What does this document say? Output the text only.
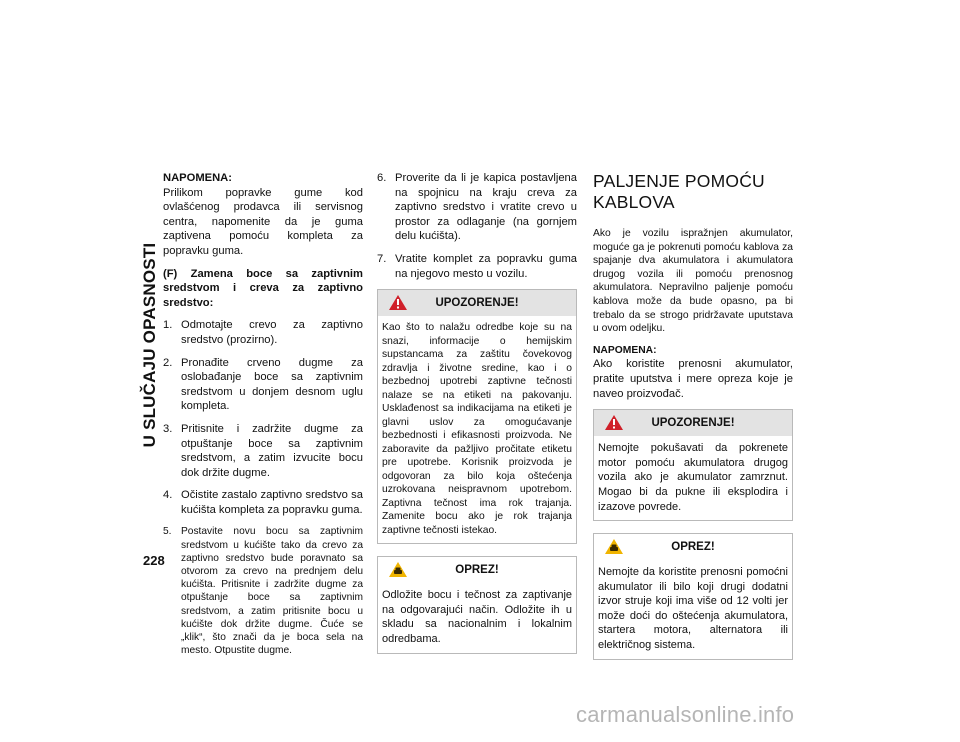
U SLUČAJU OPASNOSTI
228

NAPOMENA:

Prilikom popravke gume kod ovlašćenog prodavca ili servisnog centra, napomenite da je guma zaptivena pomoću kompleta za popravku guma.

(F) Zamena boce sa zaptivnim sredstvom i creva za zaptivno sredstvo:

1. Odmotajte crevo za zaptivno sredstvo (prozirno).
2. Pronađite crveno dugme za oslobađanje boce sa zaptivnim sredstvom u donjem desnom uglu kompleta.
3. Pritisnite i zadržite dugme za otpuštanje boce sa zaptivnim sredstvom, a zatim izvucite bocu dok držite dugme.
4. Očistite zastalo zaptivno sredstvo sa kućišta kompleta za popravku guma.
5. Postavite novu bocu sa zaptivnim sredstvom u kućište tako da crevo za zaptivno sredstvo bude poravnato sa otvorom za crevo na prednjem delu kućišta. Pritisnite i zadržite dugme za otpuštanje boce sa zaptivnim sredstvom, a zatim pritisnite bocu u kućište dok držite dugme. Čuće se „klik“, što znači da je boca sela na mesto. Otpustite dugme.
6. Proverite da li je kapica postavljena na spojnicu na kraju creva za zaptivno sredstvo i vratite crevo u prostor za odlaganje (na gornjem delu kućišta).
7. Vratite komplet za popravku guma na njegovo mesto u vozilu.
UPOZORENJE!
Kao što to nalažu odredbe koje su na snazi, informacije o hemijskim supstancama za zaštitu čovekovog zdravlja i životne sredine, kao i o bezbednoj upotrebi zaptivne tečnosti nalaze se na etiketi na pakovanju. Usklađenost sa indikacijama na etiketi je glavni uslov za omogućavanje bezbednosti i efikasnosti proizvoda. Ne zaboravite da pažljivo pročitate etiketu pre upotrebe. Korisnik proizvoda je odgovoran za bilo koja oštećenja uzrokovana neispravnom upotrebom. Zaptivna tečnost ima rok trajanja. Zamenite bocu ako je rok trajanja zaptivne tečnosti istekao.
OPREZ!
Odložite bocu i tečnost za zaptivanje na odgovarajući način. Odložite ih u skladu sa nacionalnim i lokalnim odredbama.
PALJENJE POMOĆU KABLOVA

Ako je vozilu ispražnjen akumulator, moguće ga je pokrenuti pomoću kablova za spajanje dva akumulatora i akumulatora drugog vozila ili pomoću prenosnog akumulatora. Nepravilno paljenje pomoću kablova može da bude opasno, pa bi trebalo da se strogo pridržavate uputstava u ovom odeljku.

NAPOMENA:

Ako koristite prenosni akumulator, pratite uputstva i mere opreza koje je naveo proizvođač.

UPOZORENJE!
Nemojte pokušavati da pokrenete motor pomoću akumulatora drugog vozila ako je akumulator zamrznut. Mogao bi da pukne ili eksplodira i izazove povrede.
OPREZ!
Nemojte da koristite prenosni pomoćni akumulator ili bilo koji drugi dodatni izvor struje koji ima više od 12 volti jer može doći do oštećenja akumulatora, startera motora, alternatora ili električnog sistema.
carmanualsonline.info
